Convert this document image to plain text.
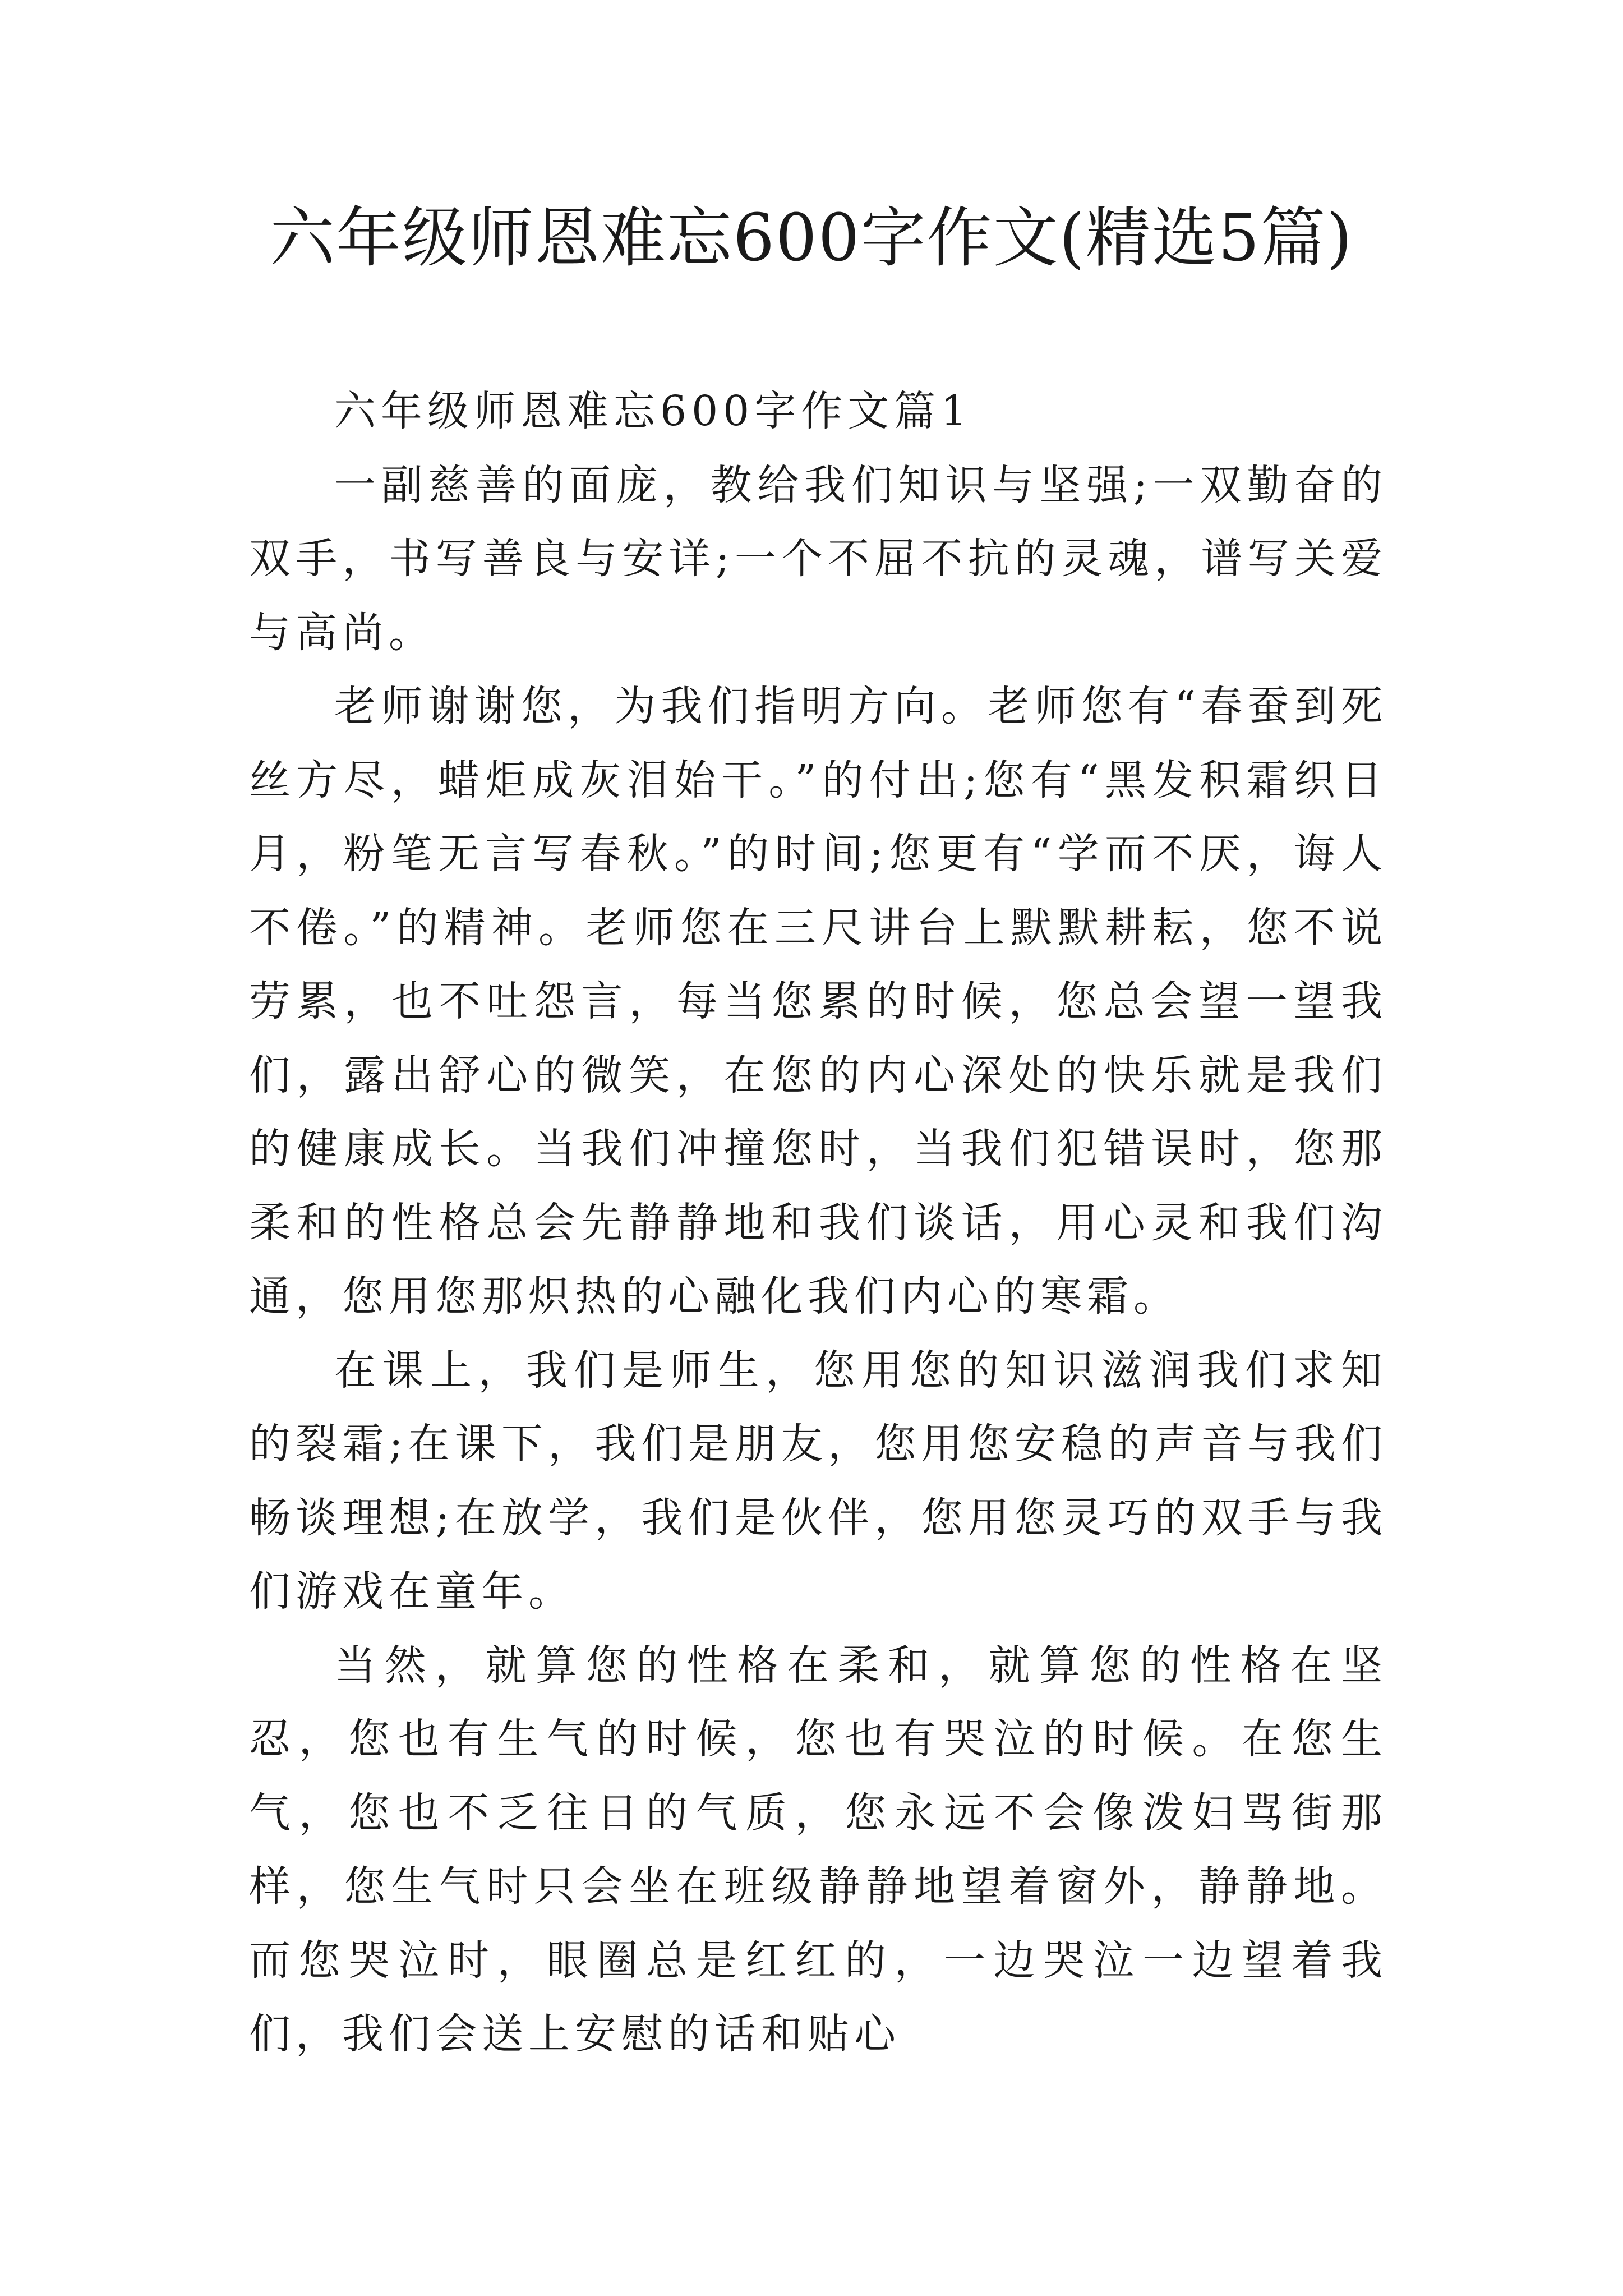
六年级师恩难忘600字作文(精选5篇)
六年级师恩难忘600字作文篇1

一副慈善的面庞，教给我们知识与坚强;一双勤奋的双手，书写善良与安详;一个不屈不抗的灵魂，谱写关爱与高尚。

老师谢谢您，为我们指明方向。老师您有“春蚕到死丝方尽，蜡炬成灰泪始干。”的付出;您有“黑发积霜织日月，粉笔无言写春秋。”的时间;您更有“学而不厌，诲人不倦。”的精神。老师您在三尺讲台上默默耕耘，您不说劳累，也不吐怨言，每当您累的时候，您总会望一望我们，露出舒心的微笑，在您的内心深处的快乐就是我们的健康成长。当我们冲撞您时，当我们犯错误时，您那柔和的性格总会先静静地和我们谈话，用心灵和我们沟通，您用您那炽热的心融化我们内心的寒霜。

在课上，我们是师生，您用您的知识滋润我们求知的裂霜;在课下，我们是朋友，您用您安稳的声音与我们畅谈理想;在放学，我们是伙伴，您用您灵巧的双手与我们游戏在童年。

当然，就算您的性格在柔和，就算您的性格在坚忍，您也有生气的时候，您也有哭泣的时候。在您生气，您也不乏往日的气质，您永远不会像泼妇骂街那样，您生气时只会坐在班级静静地望着窗外，静静地。而您哭泣时，眼圈总是红红的，一边哭泣一边望着我们，我们会送上安慰的话和贴心
